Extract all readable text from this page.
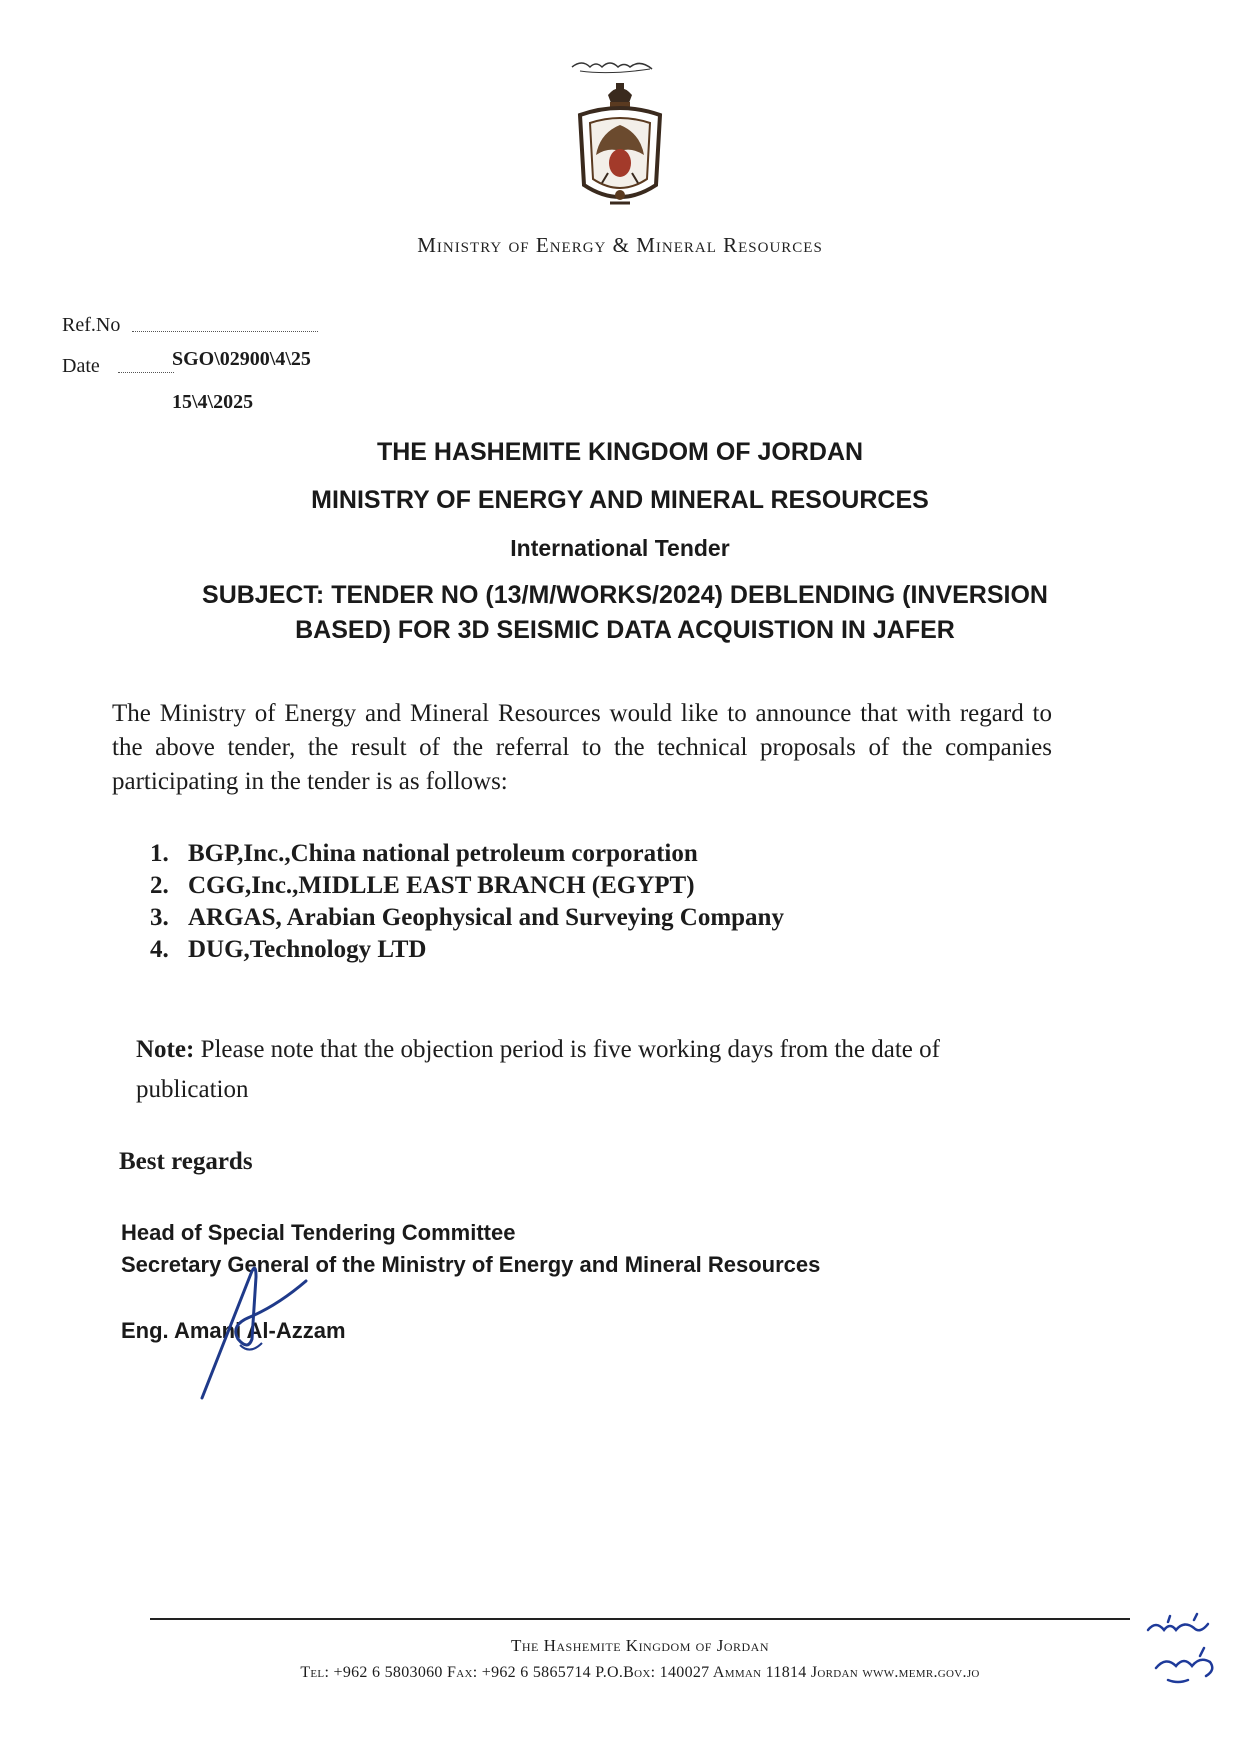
Ministry of Energy & Mineral Resources
Ref.No
Date	SGO\02900\4\25
15\4\2025
THE HASHEMITE KINGDOM OF JORDAN
MINISTRY OF ENERGY AND MINERAL RESOURCES
International Tender
SUBJECT: TENDER NO (13/M/WORKS/2024) DEBLENDING (INVERSION BASED) FOR 3D SEISMIC DATA ACQUISTION IN JAFER
The Ministry of Energy and Mineral Resources would like to announce that with regard to the above tender, the result of the referral to the technical proposals of the companies participating in the tender is as follows:
1. BGP,Inc.,China national petroleum corporation
2. CGG,Inc.,MIDLLE EAST BRANCH (EGYPT)
3. ARGAS, Arabian Geophysical and Surveying Company
4. DUG,Technology LTD
Note: Please note that the objection period is five working days from the date of publication
Best regards
Head of Special Tendering Committee
Secretary General of the Ministry of Energy and Mineral Resources
Eng. Amani Al-Azzam
The Hashemite Kingdom of Jordan
Tel: +962 6 5803060 Fax: +962 6 5865714 P.O.Box: 140027 Amman 11814 Jordan www.memr.gov.jo
